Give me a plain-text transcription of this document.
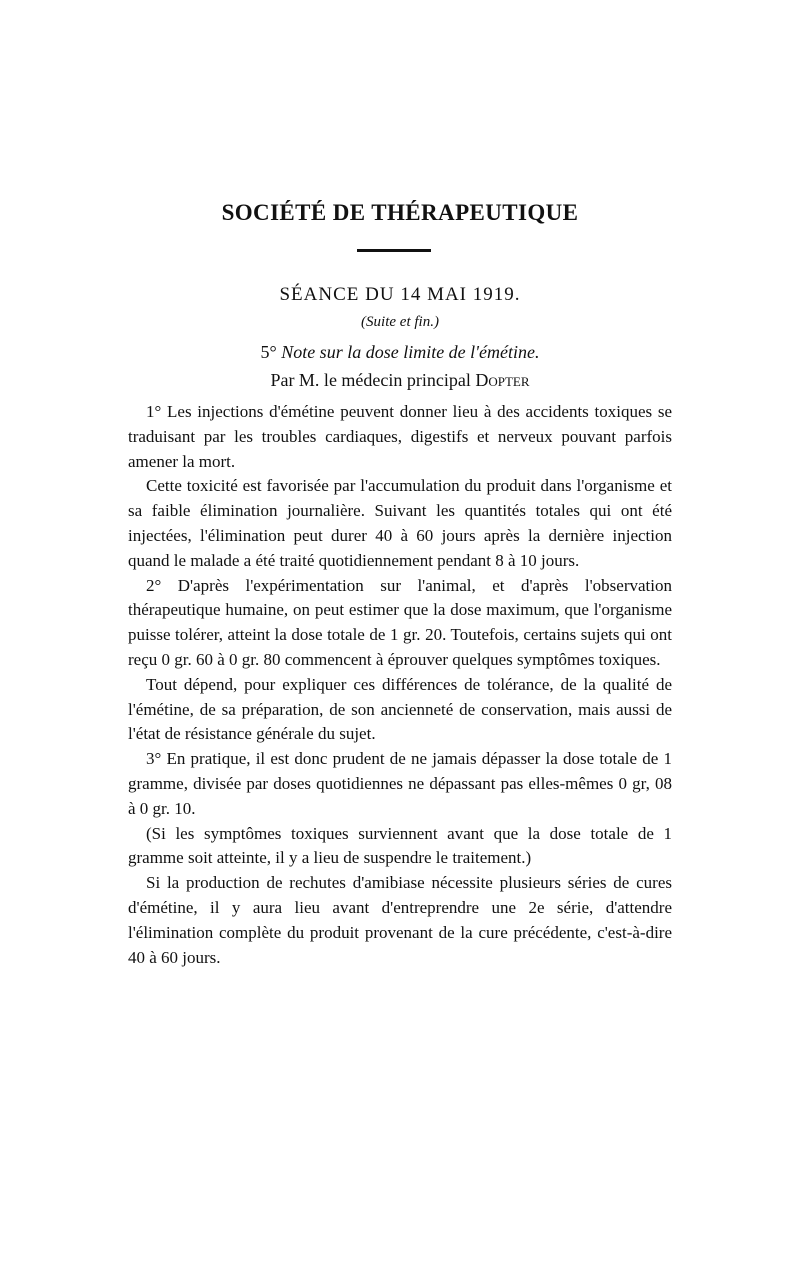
SOCIÉTÉ DE THÉRAPEUTIQUE
SÉANCE DU 14 MAI 1919.
(Suite et fin.)
5° Note sur la dose limite de l'émétine.
Par M. le médecin principal Dopter

1° Les injections d'émétine peuvent donner lieu à des accidents toxiques se traduisant par les troubles cardiaques, digestifs et nerveux pouvant parfois amener la mort.

Cette toxicité est favorisée par l'accumulation du produit dans l'organisme et sa faible élimination journalière. Suivant les quantités totales qui ont été injectées, l'élimination peut durer 40 à 60 jours après la dernière injection quand le malade a été traité quotidiennement pendant 8 à 10 jours.

2° D'après l'expérimentation sur l'animal, et d'après l'observation thérapeutique humaine, on peut estimer que la dose maximum, que l'organisme puisse tolérer, atteint la dose totale de 1 gr. 20. Toutefois, certains sujets qui ont reçu 0 gr. 60 à 0 gr. 80 commencent à éprouver quelques symptômes toxiques.

Tout dépend, pour expliquer ces différences de tolérance, de la qualité de l'émétine, de sa préparation, de son ancienneté de conservation, mais aussi de l'état de résistance générale du sujet.

3° En pratique, il est donc prudent de ne jamais dépasser la dose totale de 1 gramme, divisée par doses quotidiennes ne dépassant pas elles-mêmes 0 gr, 08 à 0 gr. 10.

(Si les symptômes toxiques surviennent avant que la dose totale de 1 gramme soit atteinte, il y a lieu de suspendre le traitement.)

Si la production de rechutes d'amibiase nécessite plusieurs séries de cures d'émétine, il y aura lieu avant d'entreprendre une 2e série, d'attendre l'élimination complète du produit provenant de la cure précédente, c'est-à-dire 40 à 60 jours.
